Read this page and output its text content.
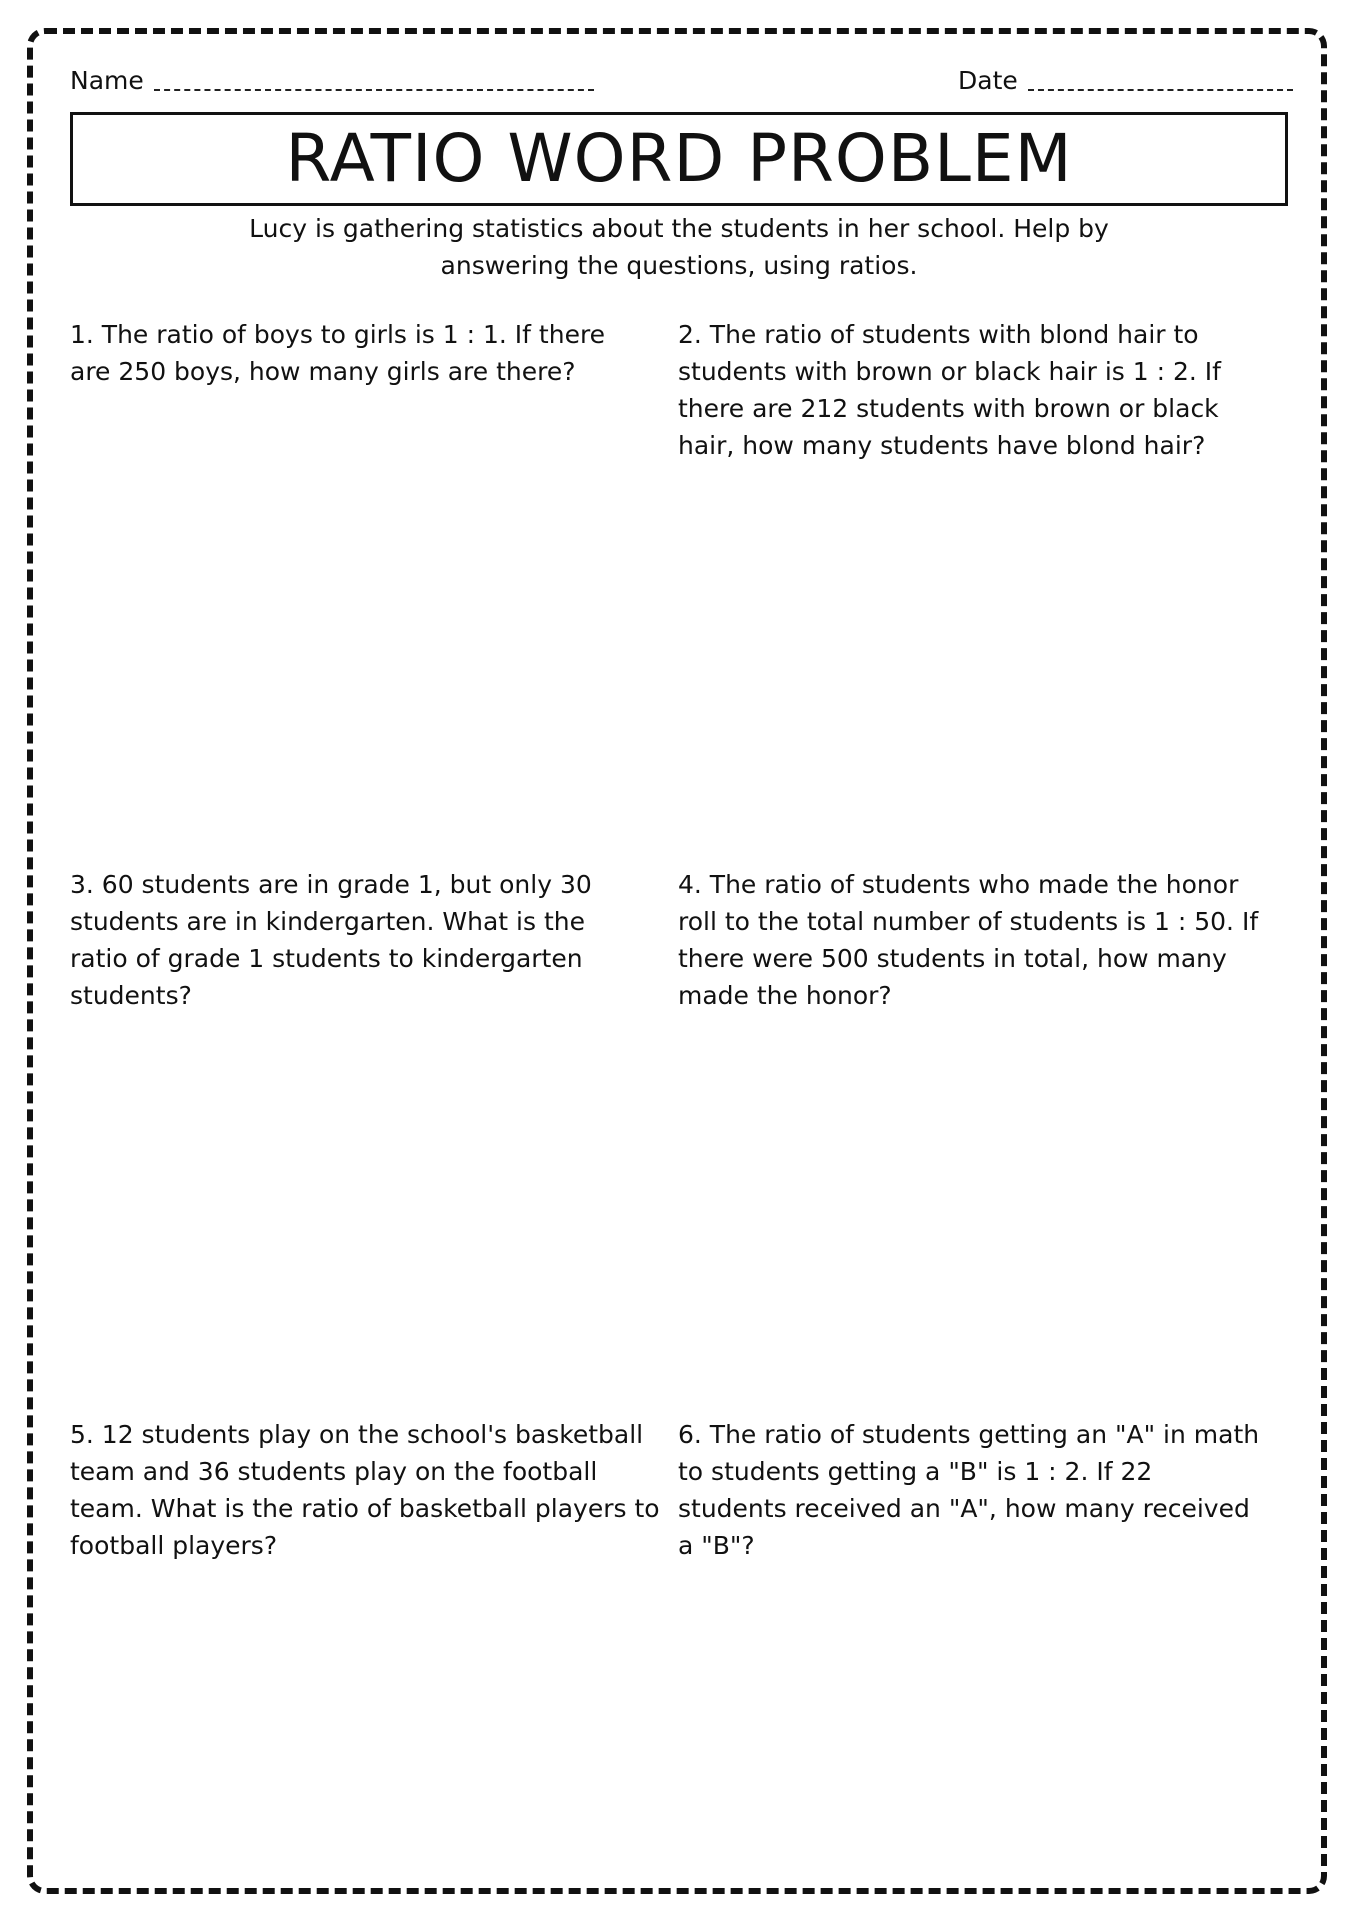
Name	Date
RATIO WORD PROBLEM
Lucy is gathering statistics about the students in her school. Help by answering the questions, using ratios.
1. The ratio of boys to girls is 1 : 1. If there are 250 boys, how many girls are there?
2. The ratio of students with blond hair to students with brown or black hair is 1 : 2. If there are 212 students with brown or black hair, how many students have blond hair?
3. 60 students are in grade 1, but only 30 students are in kindergarten. What is the ratio of grade 1 students to kindergarten students?
4. The ratio of students who made the honor roll to the total number of students is 1 : 50. If there were 500 students in total, how many made the honor?
5. 12 students play on the school's basketball team and 36 students play on the football team. What is the ratio of basketball players to football players?
6. The ratio of students getting an "A" in math to students getting a "B" is 1 : 2. If 22 students received an "A", how many received a "B"?
